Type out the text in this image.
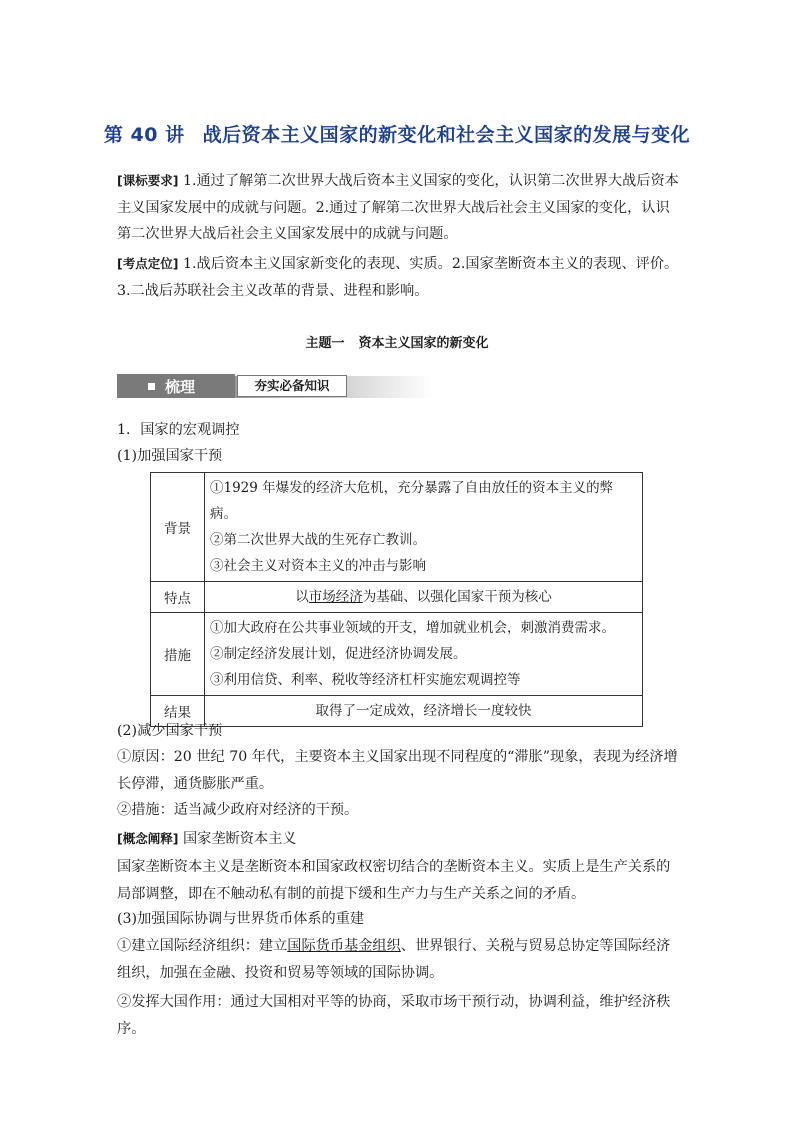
第 40 讲 战后资本主义国家的新变化和社会主义国家的发展与变化
[课标要求] 1.通过了解第二次世界大战后资本主义国家的变化，认识第二次世界大战后资本主义国家发展中的成就与问题。2.通过了解第二次世界大战后社会主义国家的变化，认识第二次世界大战后社会主义国家发展中的成就与问题。
[考点定位] 1.战后资本主义国家新变化的表现、实质。2.国家垄断资本主义的表现、评价。3.二战后苏联社会主义改革的背景、进程和影响。
主题一 资本主义国家的新变化
梳理	夯实必备知识
1．国家的宏观调控
(1)加强国家干预
背景	①1929 年爆发的经济大危机，充分暴露了自由放任的资本主义的弊病。
②第二次世界大战的生死存亡教训。
③社会主义对资本主义的冲击与影响

特点	以市场经济为基础、以强化国家干预为核心
措施	①加大政府在公共事业领域的开支，增加就业机会，刺激消费需求。
②制定经济发展计划，促进经济协调发展。
③利用信贷、利率、税收等经济杠杆实施宏观调控等

结果	取得了一定成效，经济增长一度较快
(2)减少国家干预
①原因：20 世纪 70 年代，主要资本主义国家出现不同程度的“滞胀”现象，表现为经济增长停滞，通货膨胀严重。
②措施：适当减少政府对经济的干预。
[概念阐释] 国家垄断资本主义
国家垄断资本主义是垄断资本和国家政权密切结合的垄断资本主义。实质上是生产关系的局部调整，即在不触动私有制的前提下缓和生产力与生产关系之间的矛盾。
(3)加强国际协调与世界货币体系的重建
①建立国际经济组织：建立国际货币基金组织、世界银行、关税与贸易总协定等国际经济组织，加强在金融、投资和贸易等领域的国际协调。
②发挥大国作用：通过大国相对平等的协商，采取市场干预行动，协调利益，维护经济秩序。
